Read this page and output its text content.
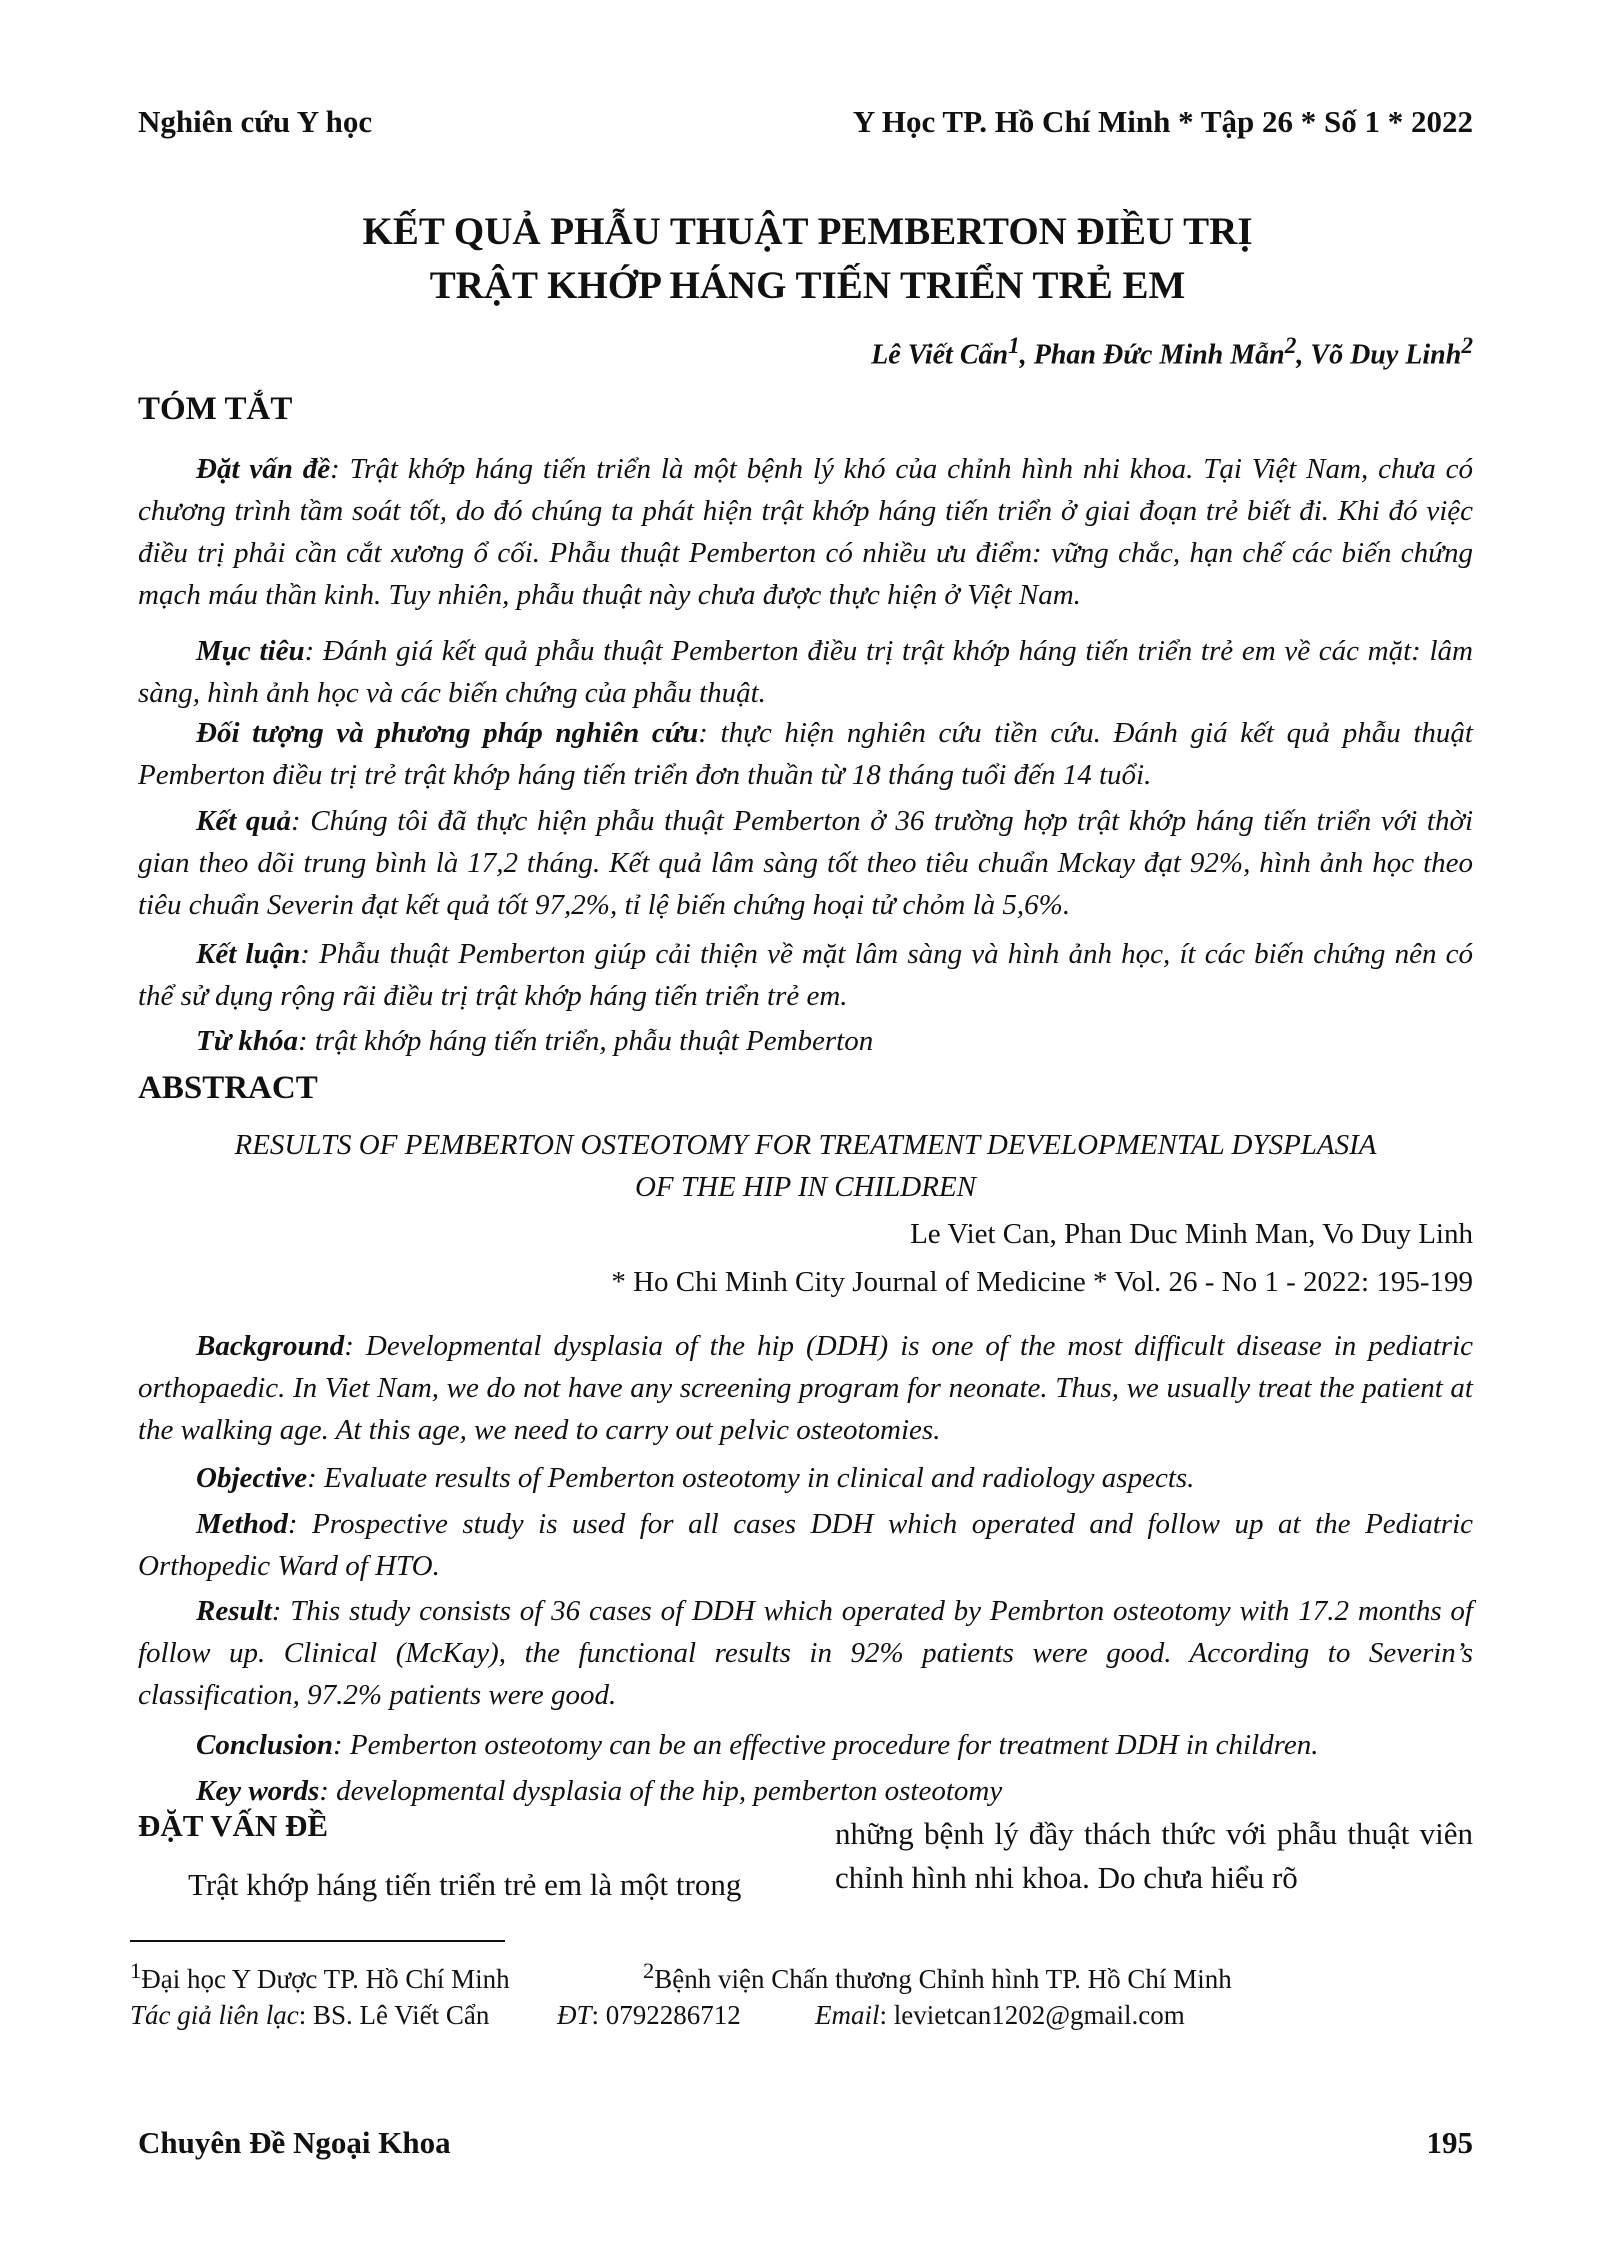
Nghiên cứu Y học	Y Học TP. Hồ Chí Minh * Tập 26 * Số 1 * 2022
KẾT QUẢ PHẪU THUẬT PEMBERTON ĐIỀU TRỊ
TRẬT KHỚP HÁNG TIẾN TRIỂN TRẺ EM
Lê Viết Cẩn$^1$, Phan Đức Minh Mẫn$^2$, Võ Duy Linh$^2$
TÓM TẮT
Đặt vấn đề: Trật khớp háng tiến triển là một bệnh lý khó của chỉnh hình nhi khoa. Tại Việt Nam, chưa có chương trình tầm soát tốt, do đó chúng ta phát hiện trật khớp háng tiến triển ở giai đoạn trẻ biết đi. Khi đó việc điều trị phải cần cắt xương ổ cối. Phẫu thuật Pemberton có nhiều ưu điểm: vững chắc, hạn chế các biến chứng mạch máu thần kinh. Tuy nhiên, phẫu thuật này chưa được thực hiện ở Việt Nam.
Mục tiêu: Đánh giá kết quả phẫu thuật Pemberton điều trị trật khớp háng tiến triển trẻ em về các mặt: lâm sàng, hình ảnh học và các biến chứng của phẫu thuật.
Đối tượng và phương pháp nghiên cứu: thực hiện nghiên cứu tiền cứu. Đánh giá kết quả phẫu thuật Pemberton điều trị trẻ trật khớp háng tiến triển đơn thuần từ 18 tháng tuổi đến 14 tuổi.
Kết quả: Chúng tôi đã thực hiện phẫu thuật Pemberton ở 36 trường hợp trật khớp háng tiến triển với thời gian theo dõi trung bình là 17,2 tháng. Kết quả lâm sàng tốt theo tiêu chuẩn Mckay đạt 92%, hình ảnh học theo tiêu chuẩn Severin đạt kết quả tốt 97,2%, tỉ lệ biến chứng hoại tử chỏm là 5,6%.
Kết luận: Phẫu thuật Pemberton giúp cải thiện về mặt lâm sàng và hình ảnh học, ít các biến chứng nên có thể sử dụng rộng rãi điều trị trật khớp háng tiến triển trẻ em.
Từ khóa: trật khớp háng tiến triển, phẫu thuật Pemberton
ABSTRACT
RESULTS OF PEMBERTON OSTEOTOMY FOR TREATMENT DEVELOPMENTAL DYSPLASIA
OF THE HIP IN CHILDREN
Le Viet Can, Phan Duc Minh Man, Vo Duy Linh
* Ho Chi Minh City Journal of Medicine * Vol. 26 - No 1 - 2022: 195-199
Background: Developmental dysplasia of the hip (DDH) is one of the most difficult disease in pediatric orthopaedic. In Viet Nam, we do not have any screening program for neonate. Thus, we usually treat the patient at the walking age. At this age, we need to carry out pelvic osteotomies.
Objective: Evaluate results of Pemberton osteotomy in clinical and radiology aspects.
Method: Prospective study is used for all cases DDH which operated and follow up at the Pediatric Orthopedic Ward of HTO.
Result: This study consists of 36 cases of DDH which operated by Pembrton osteotomy with 17.2 months of follow up. Clinical (McKay), the functional results in 92% patients were good. According to Severin’s classification, 97.2% patients were good.
Conclusion: Pemberton osteotomy can be an effective procedure for treatment DDH in children.
Key words: developmental dysplasia of the hip, pemberton osteotomy
ĐẶT VẤN ĐỀ
Trật khớp háng tiến triển trẻ em là một trong
những bệnh lý đầy thách thức với phẫu thuật viên chỉnh hình nhi khoa. Do chưa hiểu rõ
$^1$Đại học Y Dược TP. Hồ Chí Minh	$^2$Bệnh viện Chấn thương Chỉnh hình TP. Hồ Chí Minh
Tác giả liên lạc: BS. Lê Viết Cẩn	ĐT: 0792286712	Email: levietcan1202@gmail.com
Chuyên Đề Ngoại Khoa	195
